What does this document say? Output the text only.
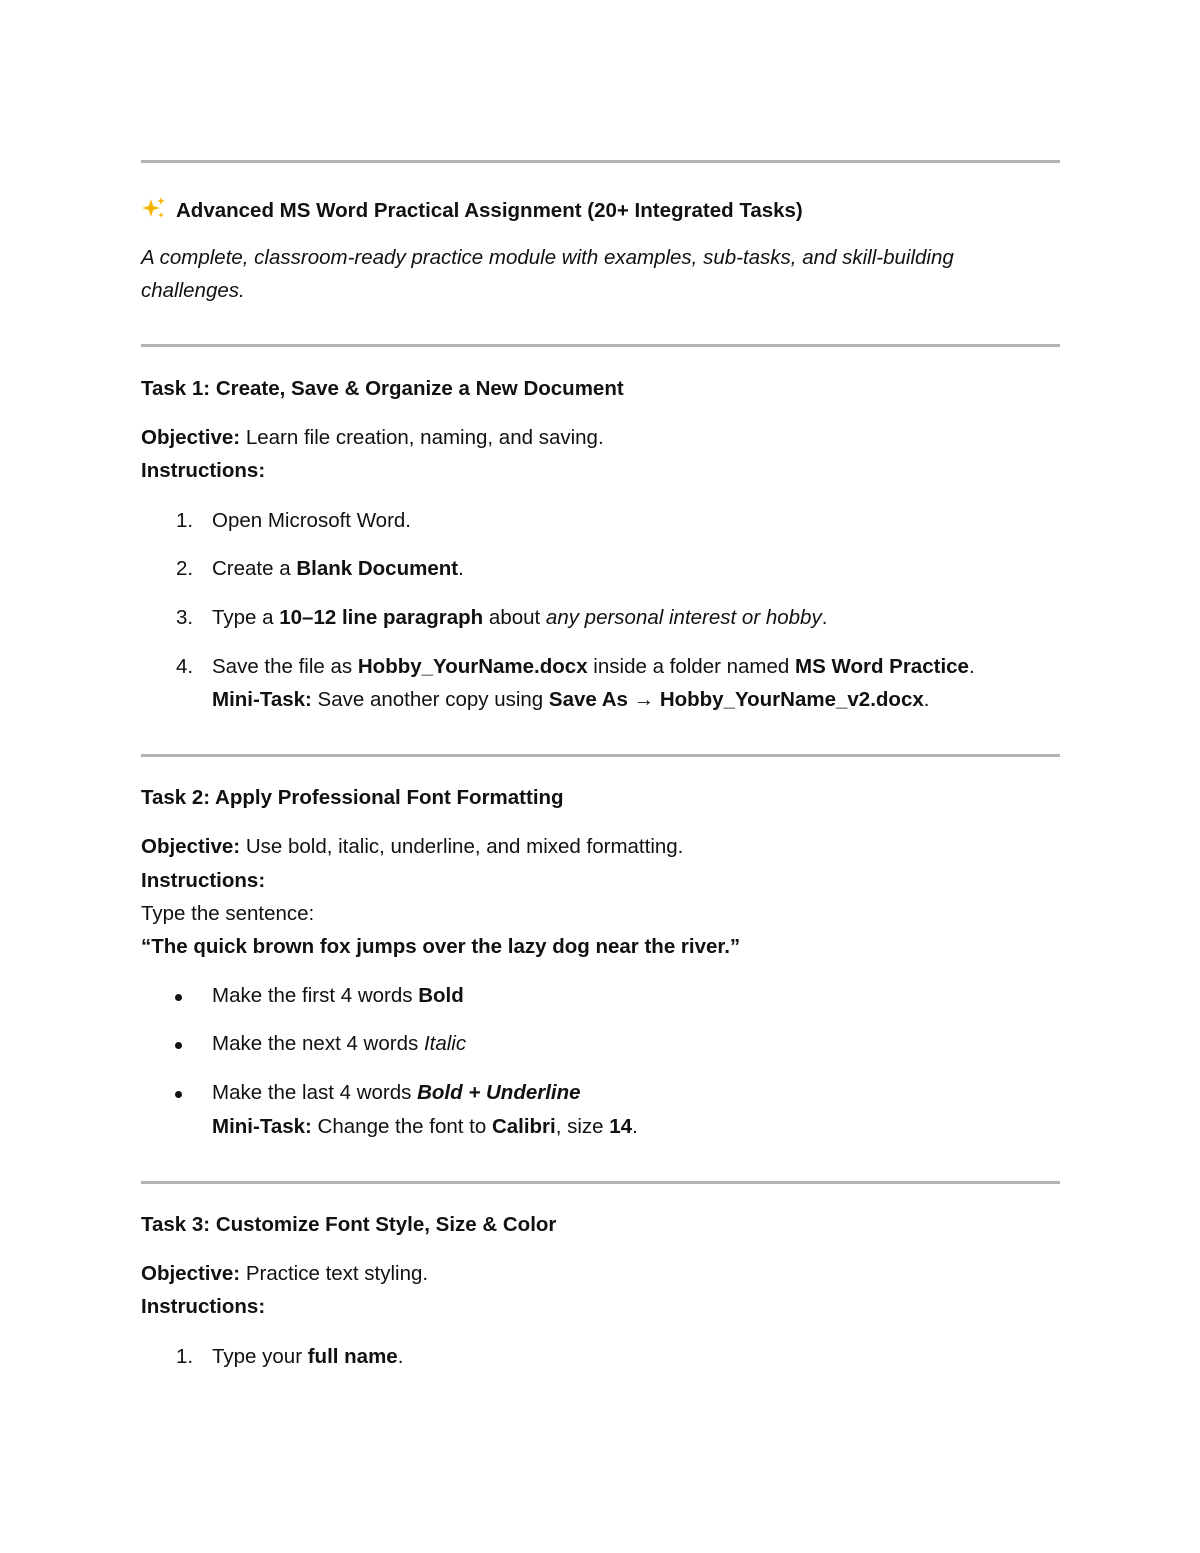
Advanced MS Word Practical Assignment (20+ Integrated Tasks)
A complete, classroom-ready practice module with examples, sub-tasks, and skill-building challenges.
Task 1: Create, Save & Organize a New Document
Objective: Learn file creation, naming, and saving.
Instructions:
1. Open Microsoft Word.
2. Create a Blank Document.
3. Type a 10–12 line paragraph about any personal interest or hobby.
4. Save the file as Hobby_YourName.docx inside a folder named MS Word Practice.
Mini-Task: Save another copy using Save As → Hobby_YourName_v2.docx.
Task 2: Apply Professional Font Formatting
Objective: Use bold, italic, underline, and mixed formatting.
Instructions:
Type the sentence:
“The quick brown fox jumps over the lazy dog near the river.”
Make the first 4 words Bold
Make the next 4 words Italic
Make the last 4 words Bold + Underline
Mini-Task: Change the font to Calibri, size 14.
Task 3: Customize Font Style, Size & Color
Objective: Practice text styling.
Instructions:
1. Type your full name.
